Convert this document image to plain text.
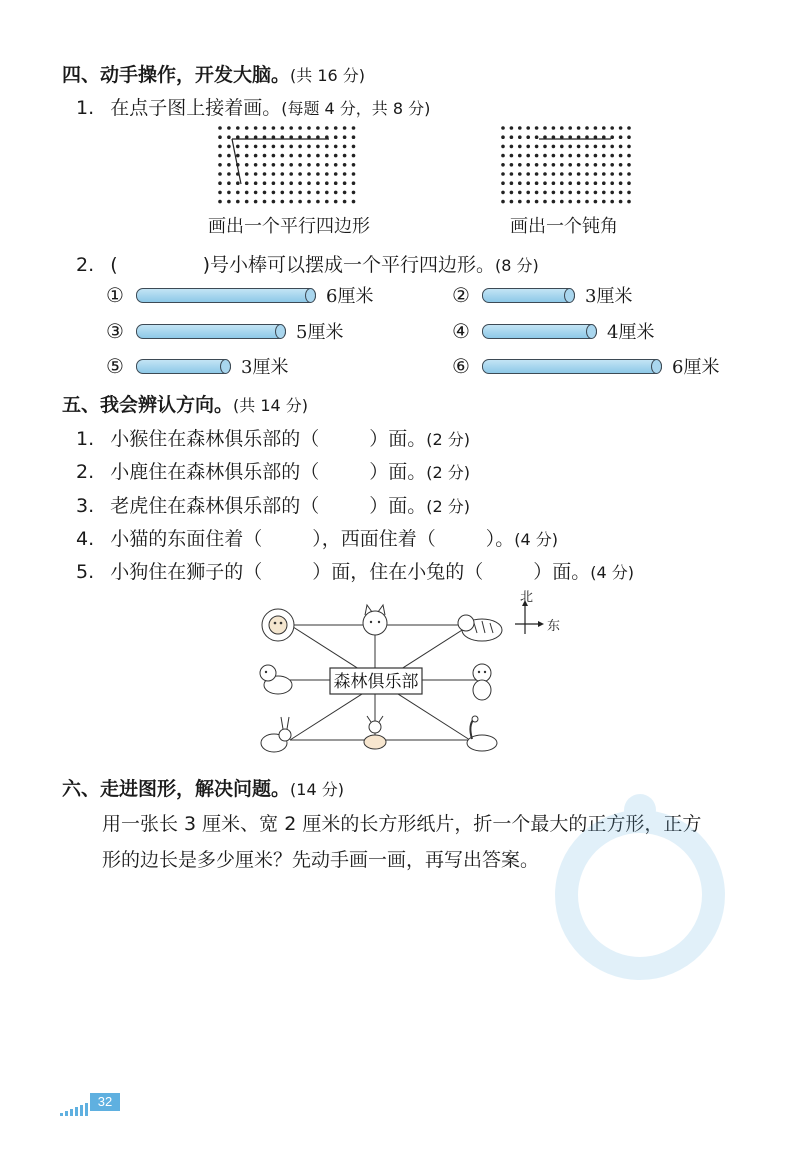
四、动手操作，开发大脑。(共 16 分)
1. 在点子图上接着画。(每题 4 分，共 8 分)
画出一个平行四边形	画出一个钝角
2. (	)号小棒可以摆成一个平行四边形。(8 分)
①	6厘米	②	3厘米
③	5厘米	④	4厘米
⑤	3厘米	⑥	6厘米
五、我会辨认方向。(共 14 分)
1. 小猴住在森林俱乐部的（	）面。(2 分)
2. 小鹿住在森林俱乐部的（	）面。(2 分)
3. 老虎住在森林俱乐部的（	）面。(2 分)
4. 小猫的东面住着（	），西面住着（	）。(4 分)
5. 小狗住在狮子的（	）面，住在小兔的（	）面。(4 分)
森林俱乐部
北
东
六、走进图形，解决问题。(14 分)
用一张长 3 厘米、宽 2 厘米的长方形纸片，折一个最大的正方形，正方
形的边长是多少厘米？先动手画一画，再写出答案。
32
